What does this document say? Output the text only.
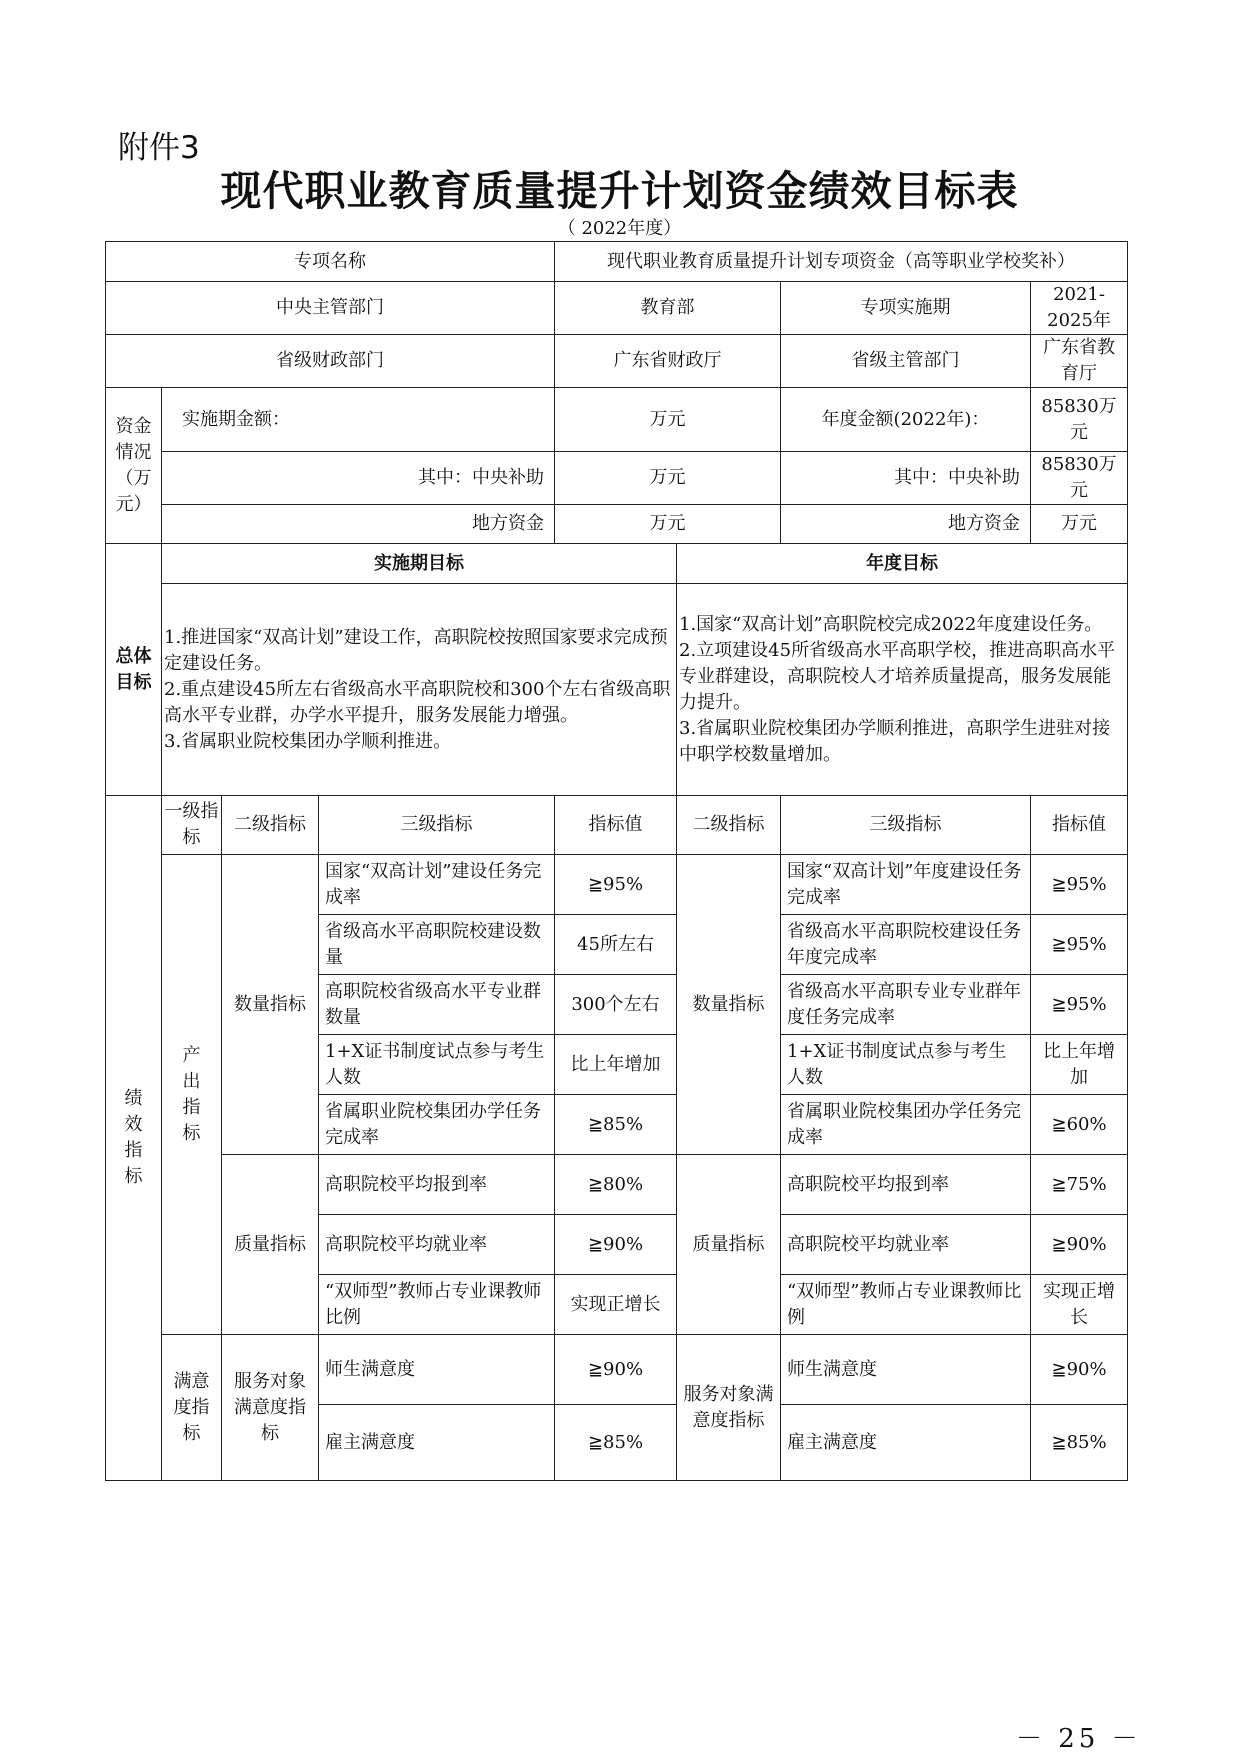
附件3
现代职业教育质量提升计划资金绩效目标表
（ 2022年度）
专项名称				现代职业教育质量提升计划专项资金（高等职业学校奖补）			
中央主管部门				教育部		专项实施期	2021-2025年
省级财政部门				广东省财政厅		省级主管部门	广东省教育厅
资金情况（万元）	实施期金额：			万元		年度金额(2022年)：	85830万元
	其中：中央补助			万元		其中：中央补助	85830万元
	地方资金			万元		地方资金	万元
总体目标	实施期目标				年度目标		

	1.推进国家“双高计划”建设工作，高职院校按照国家要求完成预定建设任务。
2.重点建设45所左右省级高水平高职院校和300个左右省级高职高水平专业群，办学水平提升，服务发展能力增强。
3.省属职业院校集团办学顺利推进。				1.国家“双高计划”高职院校完成2022年度建设任务。
2.立项建设45所省级高水平高职学校，推进高职高水平专业群建设，高职院校人才培养质量提高，服务发展能力提升。
3.省属职业院校集团办学顺利推进，高职学生进驻对接中职学校数量增加。		

绩效指标	一级指标	二级指标	三级指标	指标值	二级指标	三级指标	指标值
	产出指标	数量指标	国家“双高计划”建设任务完成率	≧95%	数量指标	国家“双高计划”年度建设任务完成率	≧95%
			省级高水平高职院校建设数量	45所左右		省级高水平高职院校建设任务年度完成率	≧95%
			高职院校省级高水平专业群数量	300个左右		省级高水平高职专业专业群年度任务完成率	≧95%
			1+X证书制度试点参与考生人数	比上年增加		1+X证书制度试点参与考生人数	比上年增加
			省属职业院校集团办学任务完成率	≧85%		省属职业院校集团办学任务完成率	≧60%
		质量指标	高职院校平均报到率	≧80%	质量指标	高职院校平均报到率	≧75%
			高职院校平均就业率	≧90%		高职院校平均就业率	≧90%
			“双师型”教师占专业课教师比例	实现正增长		“双师型”教师占专业课教师比例	实现正增长
	满意度指标	服务对象满意度指标	师生满意度	≧90%	服务对象满意度指标	师生满意度	≧90%
			雇主满意度	≧85%		雇主满意度	≧85%
－ 25 －
